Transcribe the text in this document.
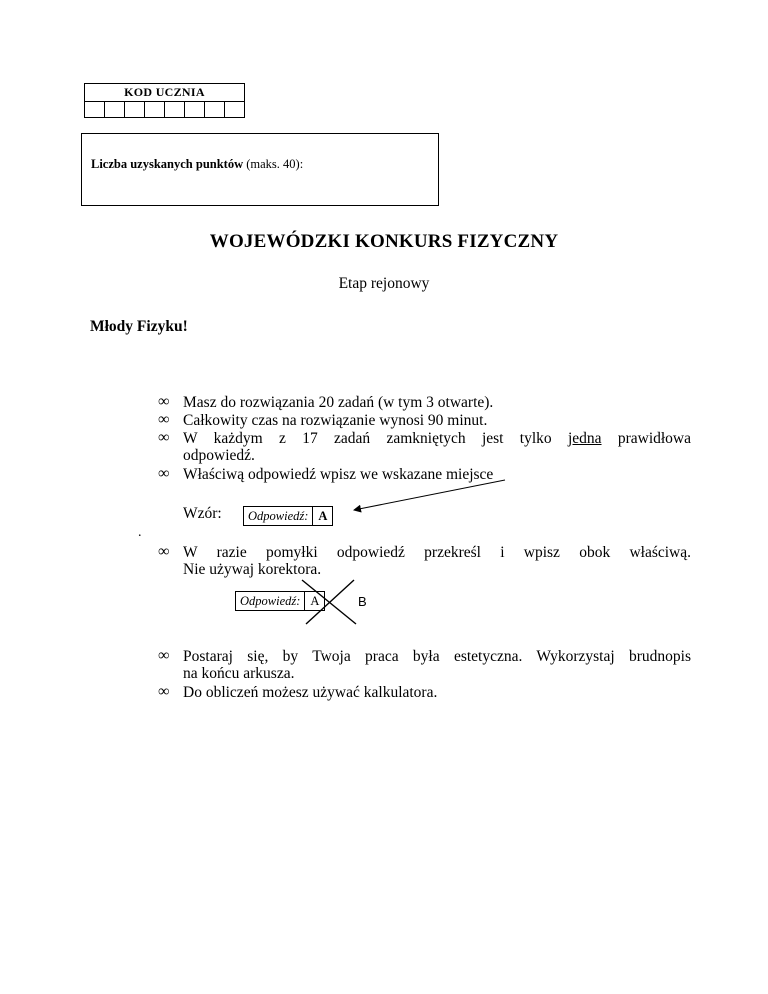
KOD UCZNIA
Liczba uzyskanych punktów (maks. 40):
WOJEWÓDZKI KONKURS FIZYCZNY
Etap rejonowy
Młody Fizyku!
∞ Masz do rozwiązania 20 zadań (w tym 3 otwarte).
∞ Całkowity czas na rozwiązanie wynosi 90 minut.
∞ W każdym z 17 zadań zamkniętych jest tylko jedna prawidłowa
odpowiedź.
∞ Właściwą odpowiedź wpisz we wskazane miejsce
Wzór:	Odpowiedź: A
.
∞ W razie pomyłki odpowiedź przekreśl i wpisz obok właściwą.
Nie używaj korektora.
Odpowiedź: A	B
∞ Postaraj się, by Twoja praca była estetyczna. Wykorzystaj brudnopis
na końcu arkusza.
∞ Do obliczeń możesz używać kalkulatora.
